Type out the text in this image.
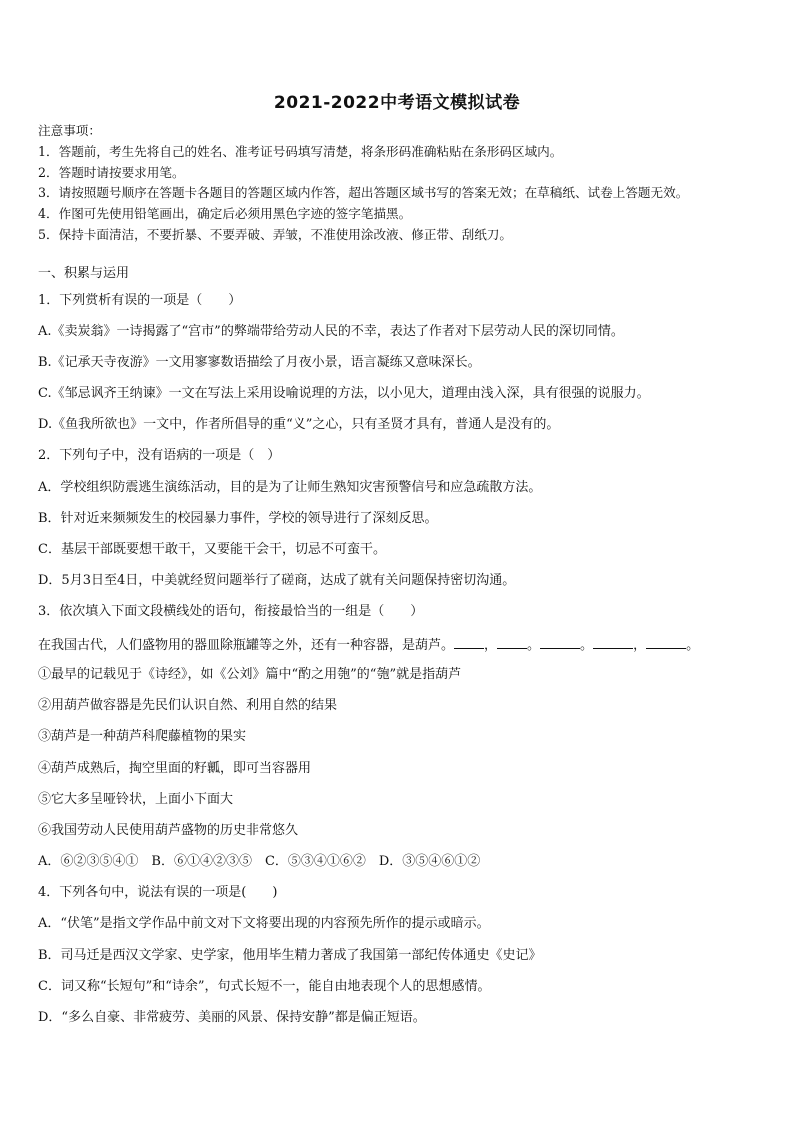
2021-2022中考语文模拟试卷
注意事项：
1．答题前，考生先将自己的姓名、准考证号码填写清楚，将条形码准确粘贴在条形码区域内。
2．答题时请按要求用笔。
3．请按照题号顺序在答题卡各题目的答题区域内作答，超出答题区域书写的答案无效；在草稿纸、试卷上答题无效。
4．作图可先使用铅笔画出，确定后必须用黑色字迹的签字笔描黑。
5．保持卡面清洁，不要折暴、不要弄破、弄皱，不准使用涂改液、修正带、刮纸刀。
一、积累与运用
1．下列赏析有误的一项是（　　）
A.《卖炭翁》一诗揭露了“宫市”的弊端带给劳动人民的不幸，表达了作者对下层劳动人民的深切同情。
B.《记承天寺夜游》一文用寥寥数语描绘了月夜小景，语言凝练又意味深长。
C.《邹忌讽齐王纳谏》一文在写法上采用设喻说理的方法，以小见大，道理由浅入深，具有很强的说服力。
D.《鱼我所欲也》一文中，作者所倡导的重“义”之心，只有圣贤才具有，普通人是没有的。
2．下列句子中，没有语病的一项是（　）
A．学校组织防震逃生演练活动，目的是为了让师生熟知灾害预警信号和应急疏散方法。
B．针对近来频频发生的校园暴力事件，学校的领导进行了深刻反思。
C．基层干部既要想干敢干，又要能干会干，切忌不可蛮干。
D．5月3日至4日，中美就经贸问题举行了磋商，达成了就有关问题保持密切沟通。
3．依次填入下面文段横线处的语句，衔接最恰当的一组是（　　）
在我国古代，人们盛物用的器皿除瓶罐等之外，还有一种容器，是葫芦。 ， 。	。	，	。
①最早的记载见于《诗经》，如《公刘》篇中“酌之用匏”的“匏”就是指葫芦
②用葫芦做容器是先民们认识自然、利用自然的结果
③葫芦是一种葫芦科爬藤植物的果实
④葫芦成熟后，掏空里面的籽瓤，即可当容器用
⑤它大多呈哑铃状，上面小下面大
⑥我国劳动人民使用葫芦盛物的历史非常悠久
A．⑥②③⑤④①　B．⑥①④②③⑤　C．⑤③④①⑥②　D．③⑤④⑥①②
4．下列各句中，说法有误的一项是(　　)
A．“伏笔”是指文学作品中前文对下文将要出现的内容预先所作的提示或暗示。
B．司马迁是西汉文学家、史学家，他用毕生精力著成了我国第一部纪传体通史《史记》
C．词又称“长短句”和“诗余”，句式长短不一，能自由地表现个人的思想感情。
D．“多么自豪、非常疲劳、美丽的风景、保持安静”都是偏正短语。
